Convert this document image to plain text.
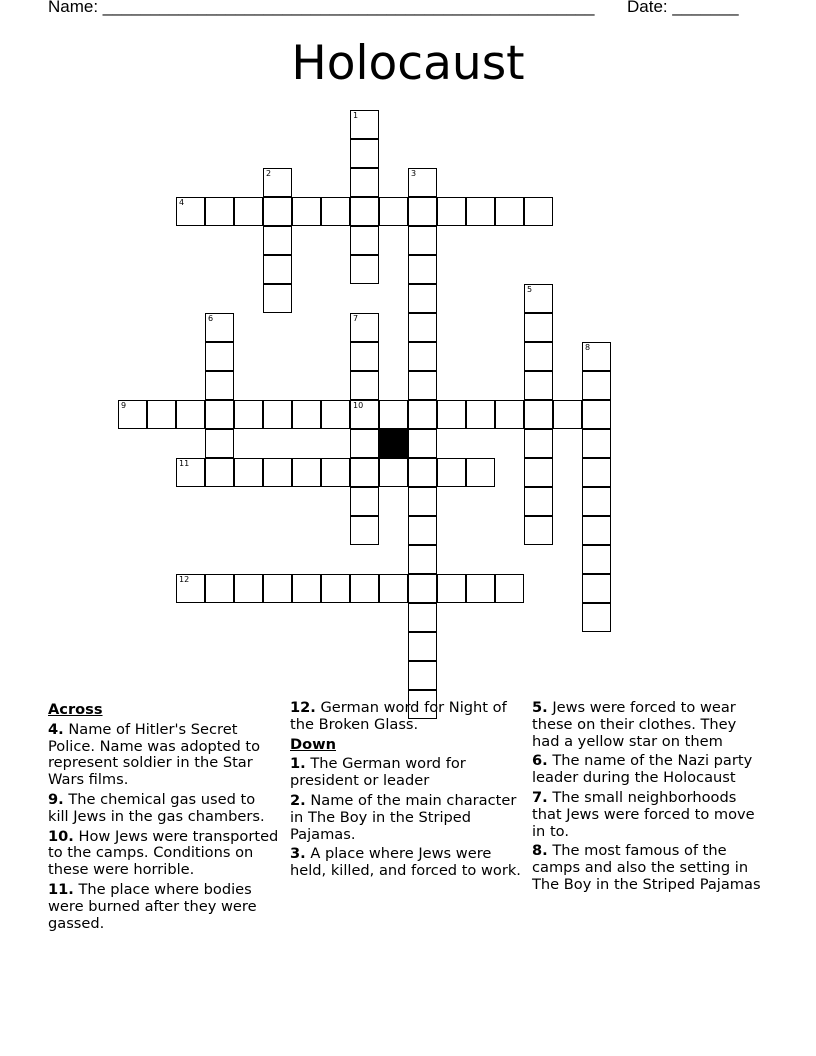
Name: ____________________________________________________ Date: _______
Holocaust
1
2	3
4
5
6	7
8
9	10
11
12
Across
4. Name of Hitler's Secret Police. Name was adopted to represent soldier in the Star Wars films.
9. The chemical gas used to kill Jews in the gas chambers.
10. How Jews were transported to the camps. Conditions on these were horrible.
11. The place where bodies were burned after they were gassed.
12. German word for Night of the Broken Glass.
Down
1. The German word for president or leader
2. Name of the main character in The Boy in the Striped Pajamas.
3. A place where Jews were held, killed, and forced to work.
5. Jews were forced to wear these on their clothes. They had a yellow star on them
6. The name of the Nazi party leader during the Holocaust
7. The small neighborhoods that Jews were forced to move in to.
8. The most famous of the camps and also the setting in The Boy in the Striped Pajamas
